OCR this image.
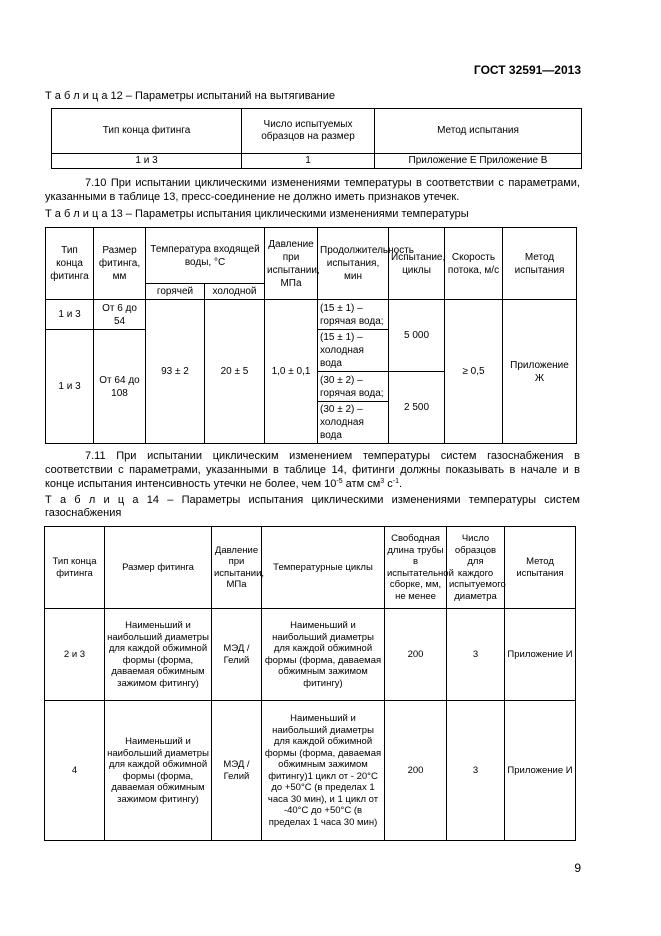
ГОСТ 32591—2013
Т а б л и ц а 12 – Параметры испытаний на вытягивание
Тип конца фитинга	Число испытуемых образцов на размер	Метод испытания
1 и 3	1	Приложение Е Приложение В
7.10 При испытании циклическими изменениями температуры в соответствии с параметрами, указанными в таблице 13, пресс-соединение не должно иметь признаков утечек.
Т а б л и ц а 13 – Параметры испытания циклическими изменениями температуры
Тип конца фитинга	Размер фитинга, мм	Температура входящей воды, °С		Давление при испытании, МПа	Продолжительность испытания, мин	Испытание, циклы	Скорость потока, м/с	Метод испытания
		горячей	холодной					
1 и 3	От 6 до 54	93 ± 2	20 ± 5	1,0 ± 0,1	(15 ± 1) – горячая вода;	5 000	≥ 0,5	Приложение Ж
1 и 3	От 64 до 108				(15 ± 1) – холодная вода			
					(30 ± 2) – горячая вода;	2 500		
					(30 ± 2) – холодная вода			
7.11 При испытании циклическим изменением температуры систем газоснабжения в соответствии с параметрами, указанными в таблице 14, фитинги должны показывать в начале и в конце испытания интенсивность утечки не более, чем $10^{-5}$ атм $см^3$ $с^{-1}$.
Т а б л и ц а 14 – Параметры испытания циклическими изменениями температуры систем газоснабжения
Тип конца фитинга	Размер фитинга	Давление при испытании, МПа	Температурные циклы	Свободная длина трубы в испытательной сборке, мм, не менее	Число образцов для каждого испытуемого диаметра	Метод испытания
2 и 3	Наименьший и наибольший диаметры для каждой обжимной формы (форма, даваемая обжимным зажимом фитингу)	МЭД / Гелий	Наименьший и наибольший диаметры для каждой обжимной формы (форма, даваемая обжимным зажимом фитингу)	200	3	Приложение И
4	Наименьший и наибольший диаметры для каждой обжимной формы (форма, даваемая обжимным зажимом фитингу)	МЭД / Гелий	Наименьший и наибольший диаметры для каждой обжимной формы (форма, даваемая обжимным зажимом фитингу)1 цикл от - 20°С до +50°С (в пределах 1 часа 30 мин), и 1 цикл от -40°С до +50°С (в пределах 1 часа 30 мин)	200	3	Приложение И
9
